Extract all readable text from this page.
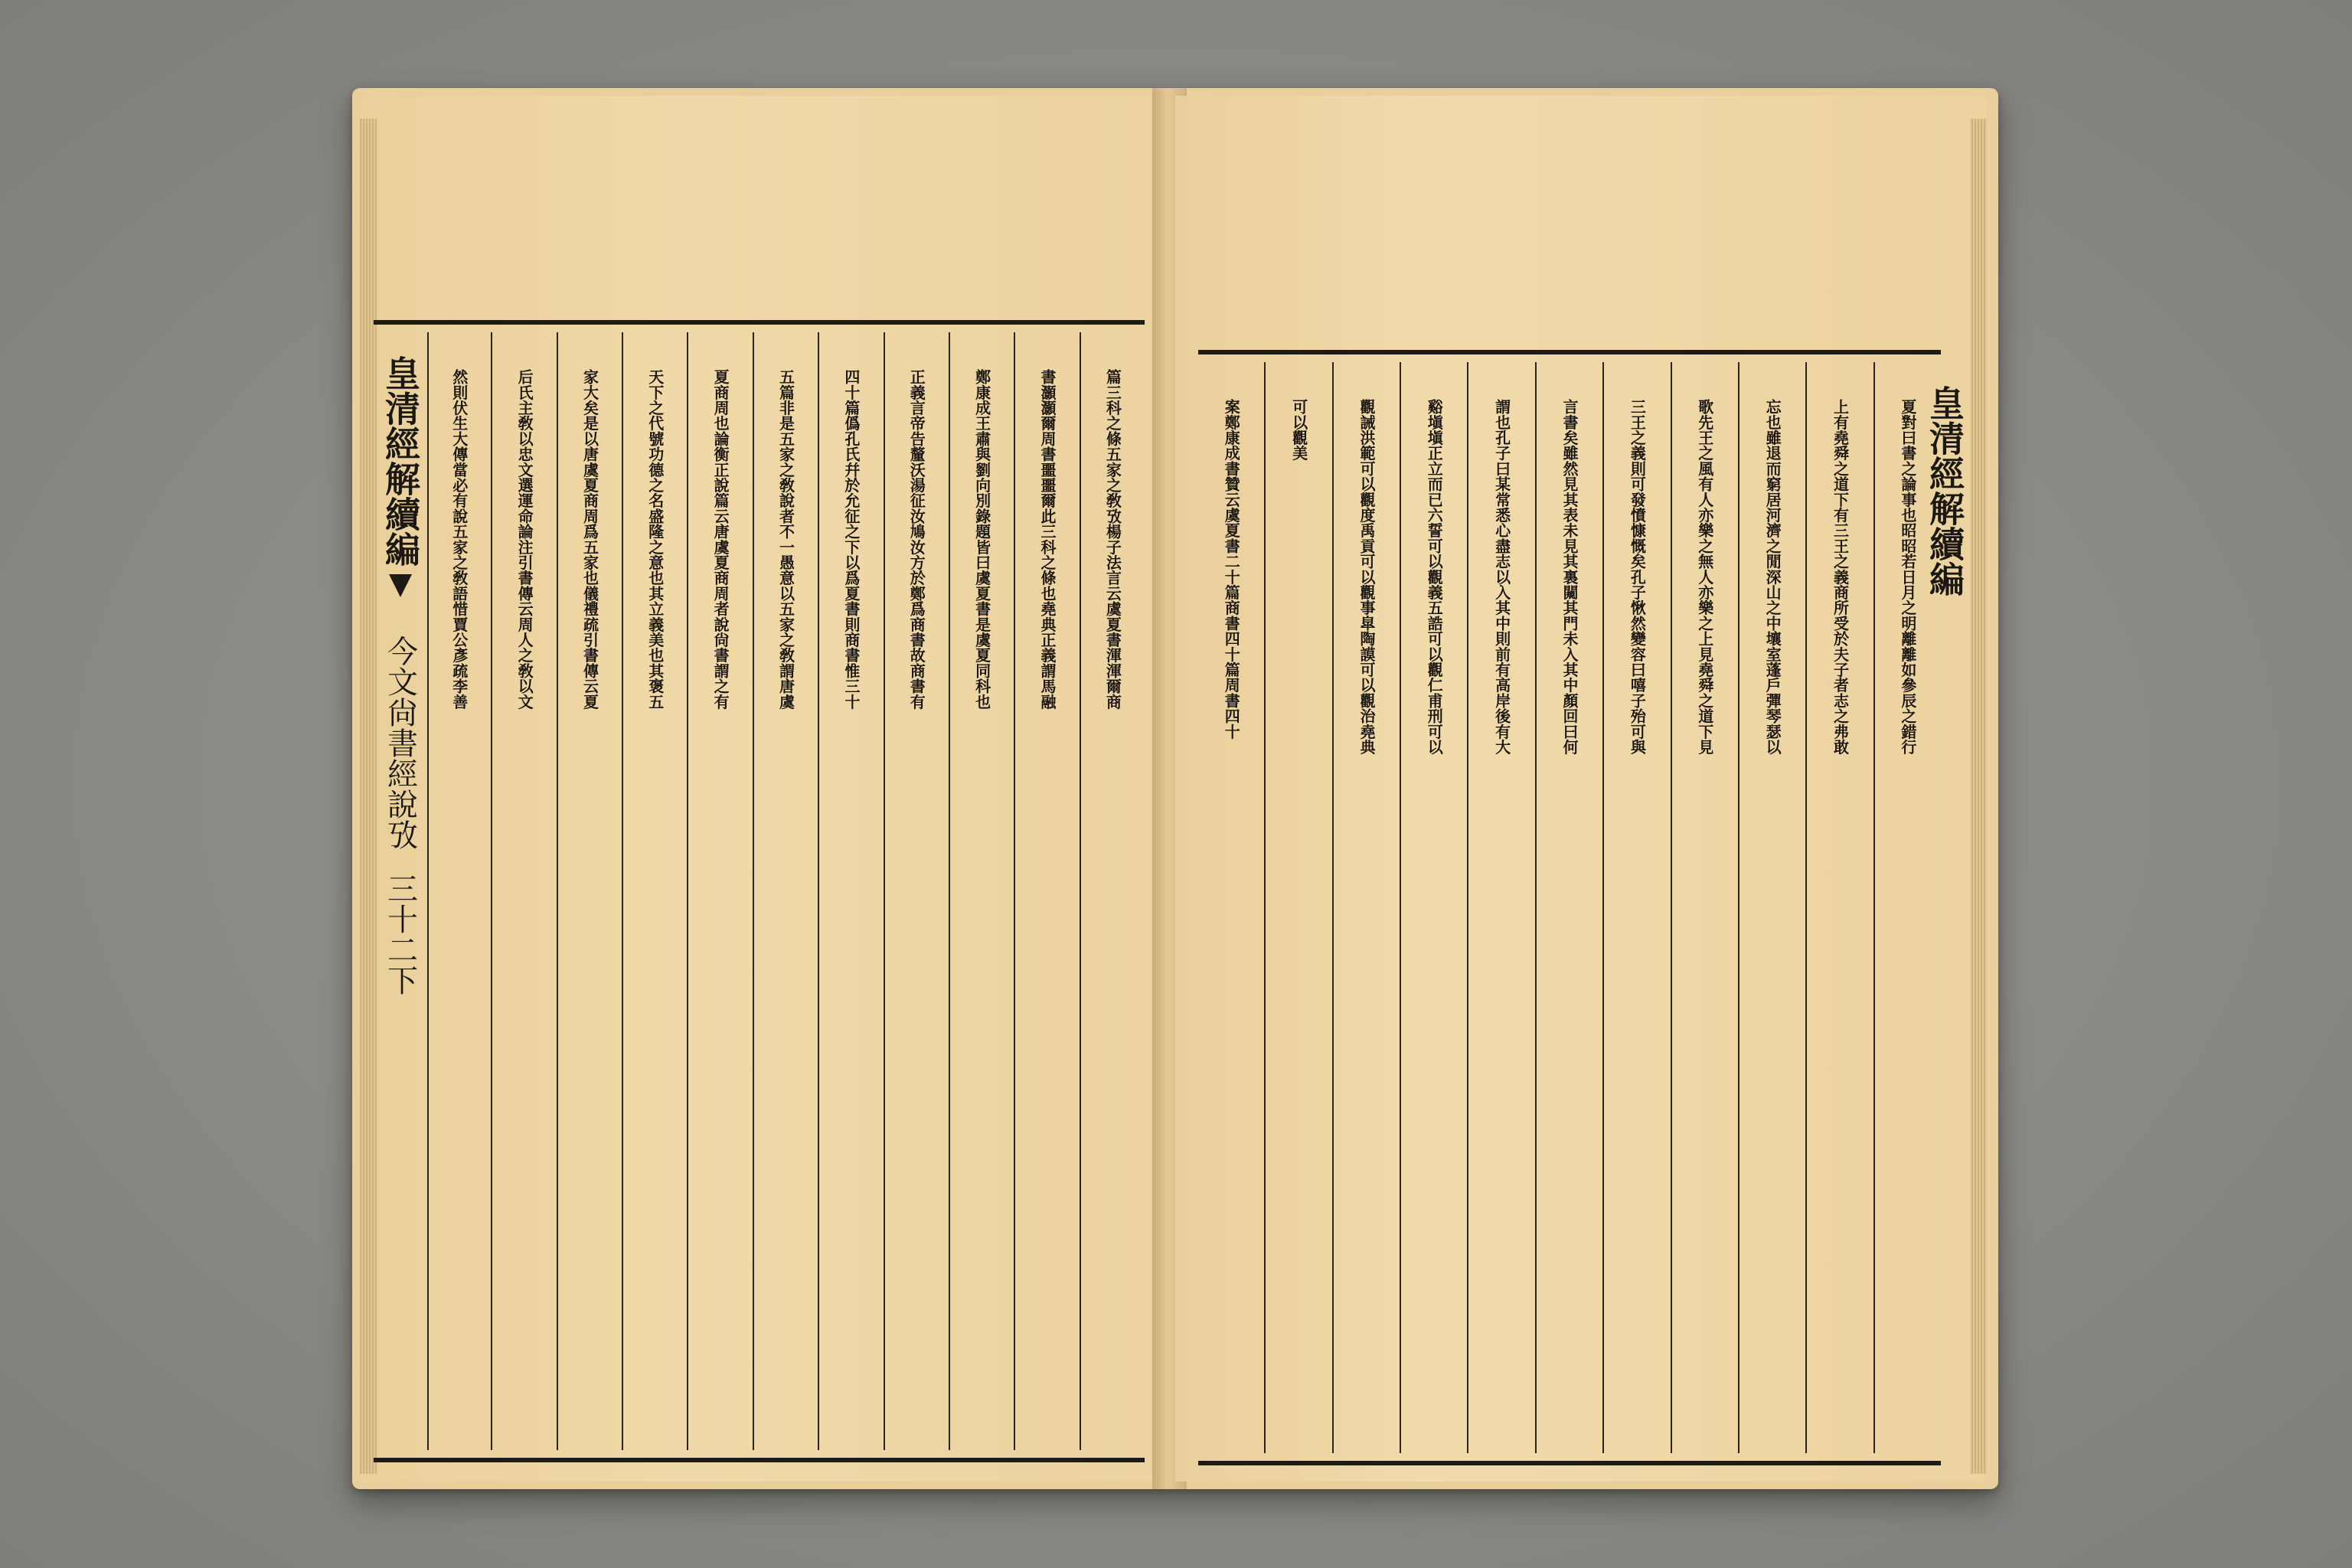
篇三科之條五家之敎攷楊子法言云虞夏書渾渾爾商
書灝灝爾周書噩噩爾此三科之條也堯典正義謂馬融
鄭康成王肅與劉向別錄題皆曰虞夏書是虞夏同科也
正義言帝告釐沃湯征汝鳩汝方於鄭爲商書故商書有
四十篇僞孔氏幷於允征之下以爲夏書則商書惟三十
五篇非是五家之敎說者不一愚意以五家之敎謂唐虞
夏商周也論衡正說篇云唐虞夏商周者說尙書謂之有
天下之代號功德之名盛隆之意也其立義美也其褒五
家大矣是以唐虞夏商周爲五家也儀禮疏引書傳云夏
后氏主敎以忠文選運命論注引書傳云周人之敎以文
然則伏生大傳當必有說五家之敎語惜賈公彥疏李善
皇清經解續編
今文尙書經說攷
三十二下
夏對曰書之論事也昭昭若日月之明離離如參辰之錯行
上有堯舜之道下有三王之義商所受於夫子者志之弗敢
忘也雖退而窮居河濟之閒深山之中壤室蓬戶彈琴瑟以
歌先王之風有人亦樂之無人亦樂之上見堯舜之道下見
三王之義則可發憤慷慨矣孔子愀然變容曰嘻子殆可與
言書矣雖然見其表未見其裏闚其門未入其中顏回曰何
謂也孔子曰某常悉心盡志以入其中則前有高岸後有大
谿塡塡正立而已六誓可以觀義五誥可以觀仁甫刑可以
觀誡洪範可以觀度禹貢可以觀事皐陶謨可以觀治堯典
可以觀美
案鄭康成書贊云虞夏書二十篇商書四十篇周書四十	皇清經解續編
